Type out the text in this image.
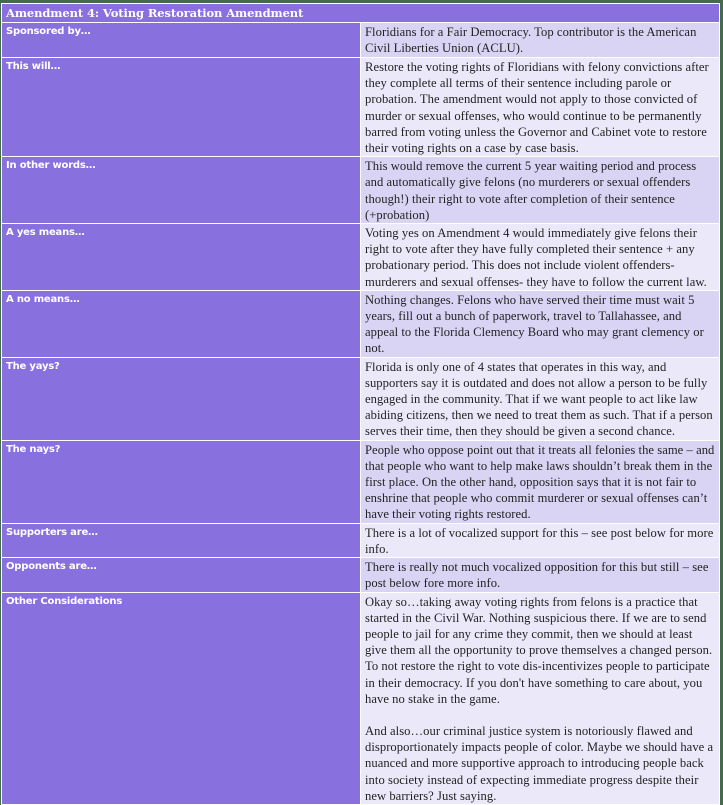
Amendment 4: Voting Restoration Amendment	
Sponsored by…	Floridians for a Fair Democracy. Top contributor is the American Civil Liberties Union (ACLU).
This will…	Restore the voting rights of Floridians with felony convictions after they complete all terms of their sentence including parole or probation. The amendment would not apply to those convicted of murder or sexual offenses, who would continue to be permanently barred from voting unless the Governor and Cabinet vote to restore their voting rights on a case by case basis.
In other words…	This would remove the current 5 year waiting period and process and automatically give felons (no murderers or sexual offenders though!) their right to vote after completion of their sentence (+probation)
A yes means…	Voting yes on Amendment 4 would immediately give felons their right to vote after they have fully completed their sentence + any probationary period. This does not include violent offenders- murderers and sexual offenses- they have to follow the current law.
A no means…	Nothing changes. Felons who have served their time must wait 5 years, fill out a bunch of paperwork, travel to Tallahassee, and appeal to the Florida Clemency Board who may grant clemency or not.
The yays?	Florida is only one of 4 states that operates in this way, and supporters say it is outdated and does not allow a person to be fully engaged in the community. That if we want people to act like law abiding citizens, then we need to treat them as such. That if a person serves their time, then they should be given a second chance.
The nays?	People who oppose point out that it treats all felonies the same – and that people who want to help make laws shouldn’t break them in the first place. On the other hand, opposition says that it is not fair to enshrine that people who commit murderer or sexual offenses can’t have their voting rights restored.
Supporters are…	There is a lot of vocalized support for this – see post below for more info.
Opponents are…	There is really not much vocalized opposition for this but still – see post below fore more info.
Other Considerations	Okay so…taking away voting rights from felons is a practice that started in the Civil War. Nothing suspicious there. If we are to send people to jail for any crime they commit, then we should at least give them all the opportunity to prove themselves a changed person. To not restore the right to vote dis-incentivizes people to participate in their democracy. If you don't have something to care about, you have no stake in the game.
And also…our criminal justice system is notoriously flawed and disproportionately impacts people of color. Maybe we should have a nuanced and more supportive approach to introducing people back into society instead of expecting immediate progress despite their new barriers? Just saying.
